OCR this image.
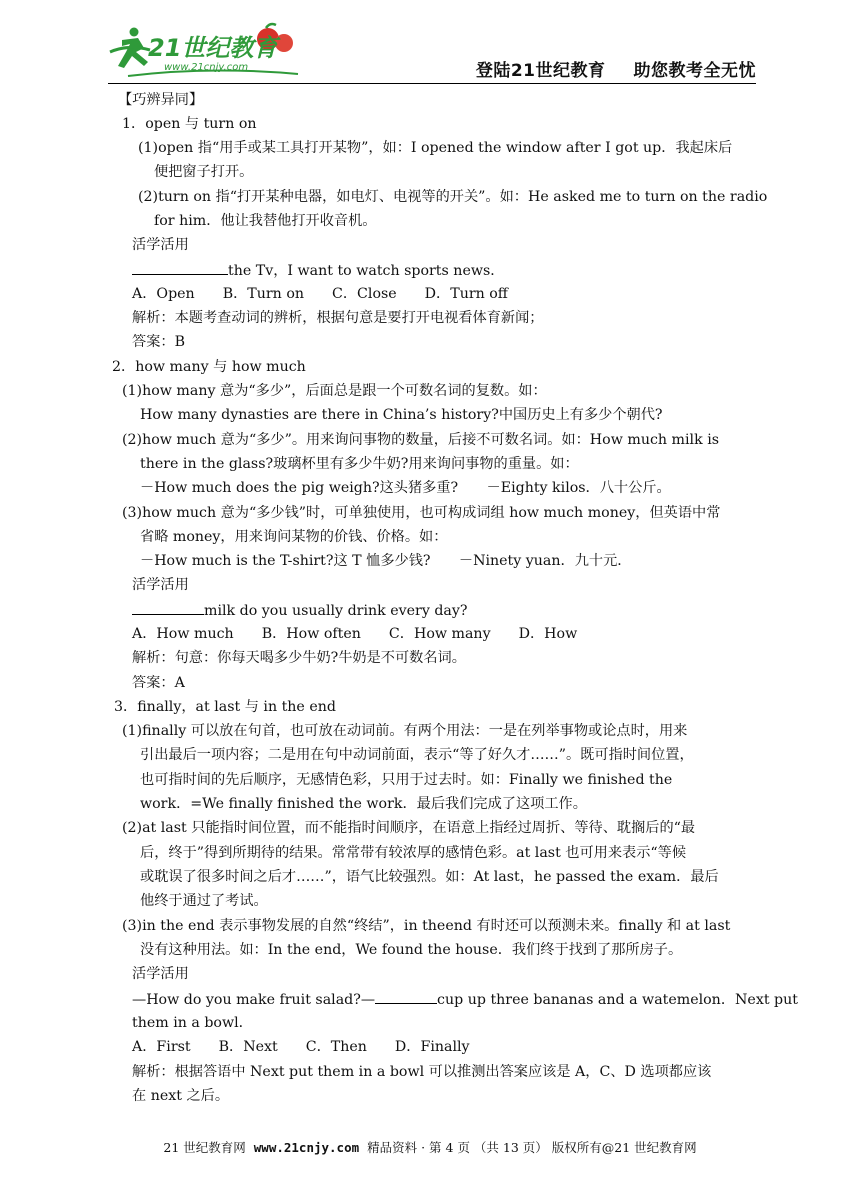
21世纪教育
www.21cnjy.com	登陆21世纪教育 助您教考全无忧
【巧辨异同】
1．open 与 turn on
(1)open 指“用手或某工具打开某物”，如：I opened the window after I got up．我起床后
便把窗子打开。
(2)turn on 指“打开某种电器，如电灯、电视等的开关”。如：He asked me to turn on the radio
for him．他让我替他打开收音机。
活学活用
the Tv，I want to watch sports news．
A．Open B．Turn on C．Close D．Turn off
解析：本题考查动词的辨析，根据句意是要打开电视看体育新闻；
答案：B
2．how many 与 how much
(1)how many 意为“多少”，后面总是跟一个可数名词的复数。如：
How many dynasties are there in China’s history?中国历史上有多少个朝代?
(2)how much 意为“多少”。用来询问事物的数量，后接不可数名词。如：How much milk is
there in the glass?玻璃杯里有多少牛奶?用来询问事物的重量。如：
－How much does the pig weigh?这头猪多重?　　－Eighty kilos．八十公斤。
(3)how much 意为“多少钱”时，可单独使用，也可构成词组 how much money，但英语中常
省略 money，用来询问某物的价钱、价格。如：
－How much is the T-shirt?这 T 恤多少钱?　　－Ninety yuan．九十元．
活学活用
milk do you usually drink every day?
A．How much B．How often C．How many D．How
解析：句意：你每天喝多少牛奶?牛奶是不可数名词。
答案：A
3．finally，at last 与 in the end
(1)finally 可以放在句首，也可放在动词前。有两个用法：一是在列举事物或论点时，用来
引出最后一项内容；二是用在句中动词前面，表示“等了好久才……”。既可指时间位置，
也可指时间的先后顺序，无感情色彩，只用于过去时。如：Finally we finished the
work．=We finally finished the work．最后我们完成了这项工作。
(2)at last 只能指时间位置，而不能指时间顺序，在语意上指经过周折、等待、耽搁后的“最
后，终于”得到所期待的结果。常常带有较浓厚的感情色彩。at last 也可用来表示“等候
或耽误了很多时间之后才……”，语气比较强烈。如：At last，he passed the exam．最后
他终于通过了考试。
(3)in the end 表示事物发展的自然“终结”，in theend 有时还可以预测未来。finally 和 at last
没有这种用法。如：In the end，We found the house．我们终于找到了那所房子。
活学活用
—How do you make fruit salad?—	cup up three bananas and a watemelon．Next put
them in a bowl．
A．First B．Next C．Then D．Finally
解析：根据答语中 Next put them in a bowl 可以推测出答案应该是 A，C、D 选项都应该
在 next 之后。
21 世纪教育网 www.21cnjy.com 精品资料 · 第 4 页 （共 13 页） 版权所有@21 世纪教育网
